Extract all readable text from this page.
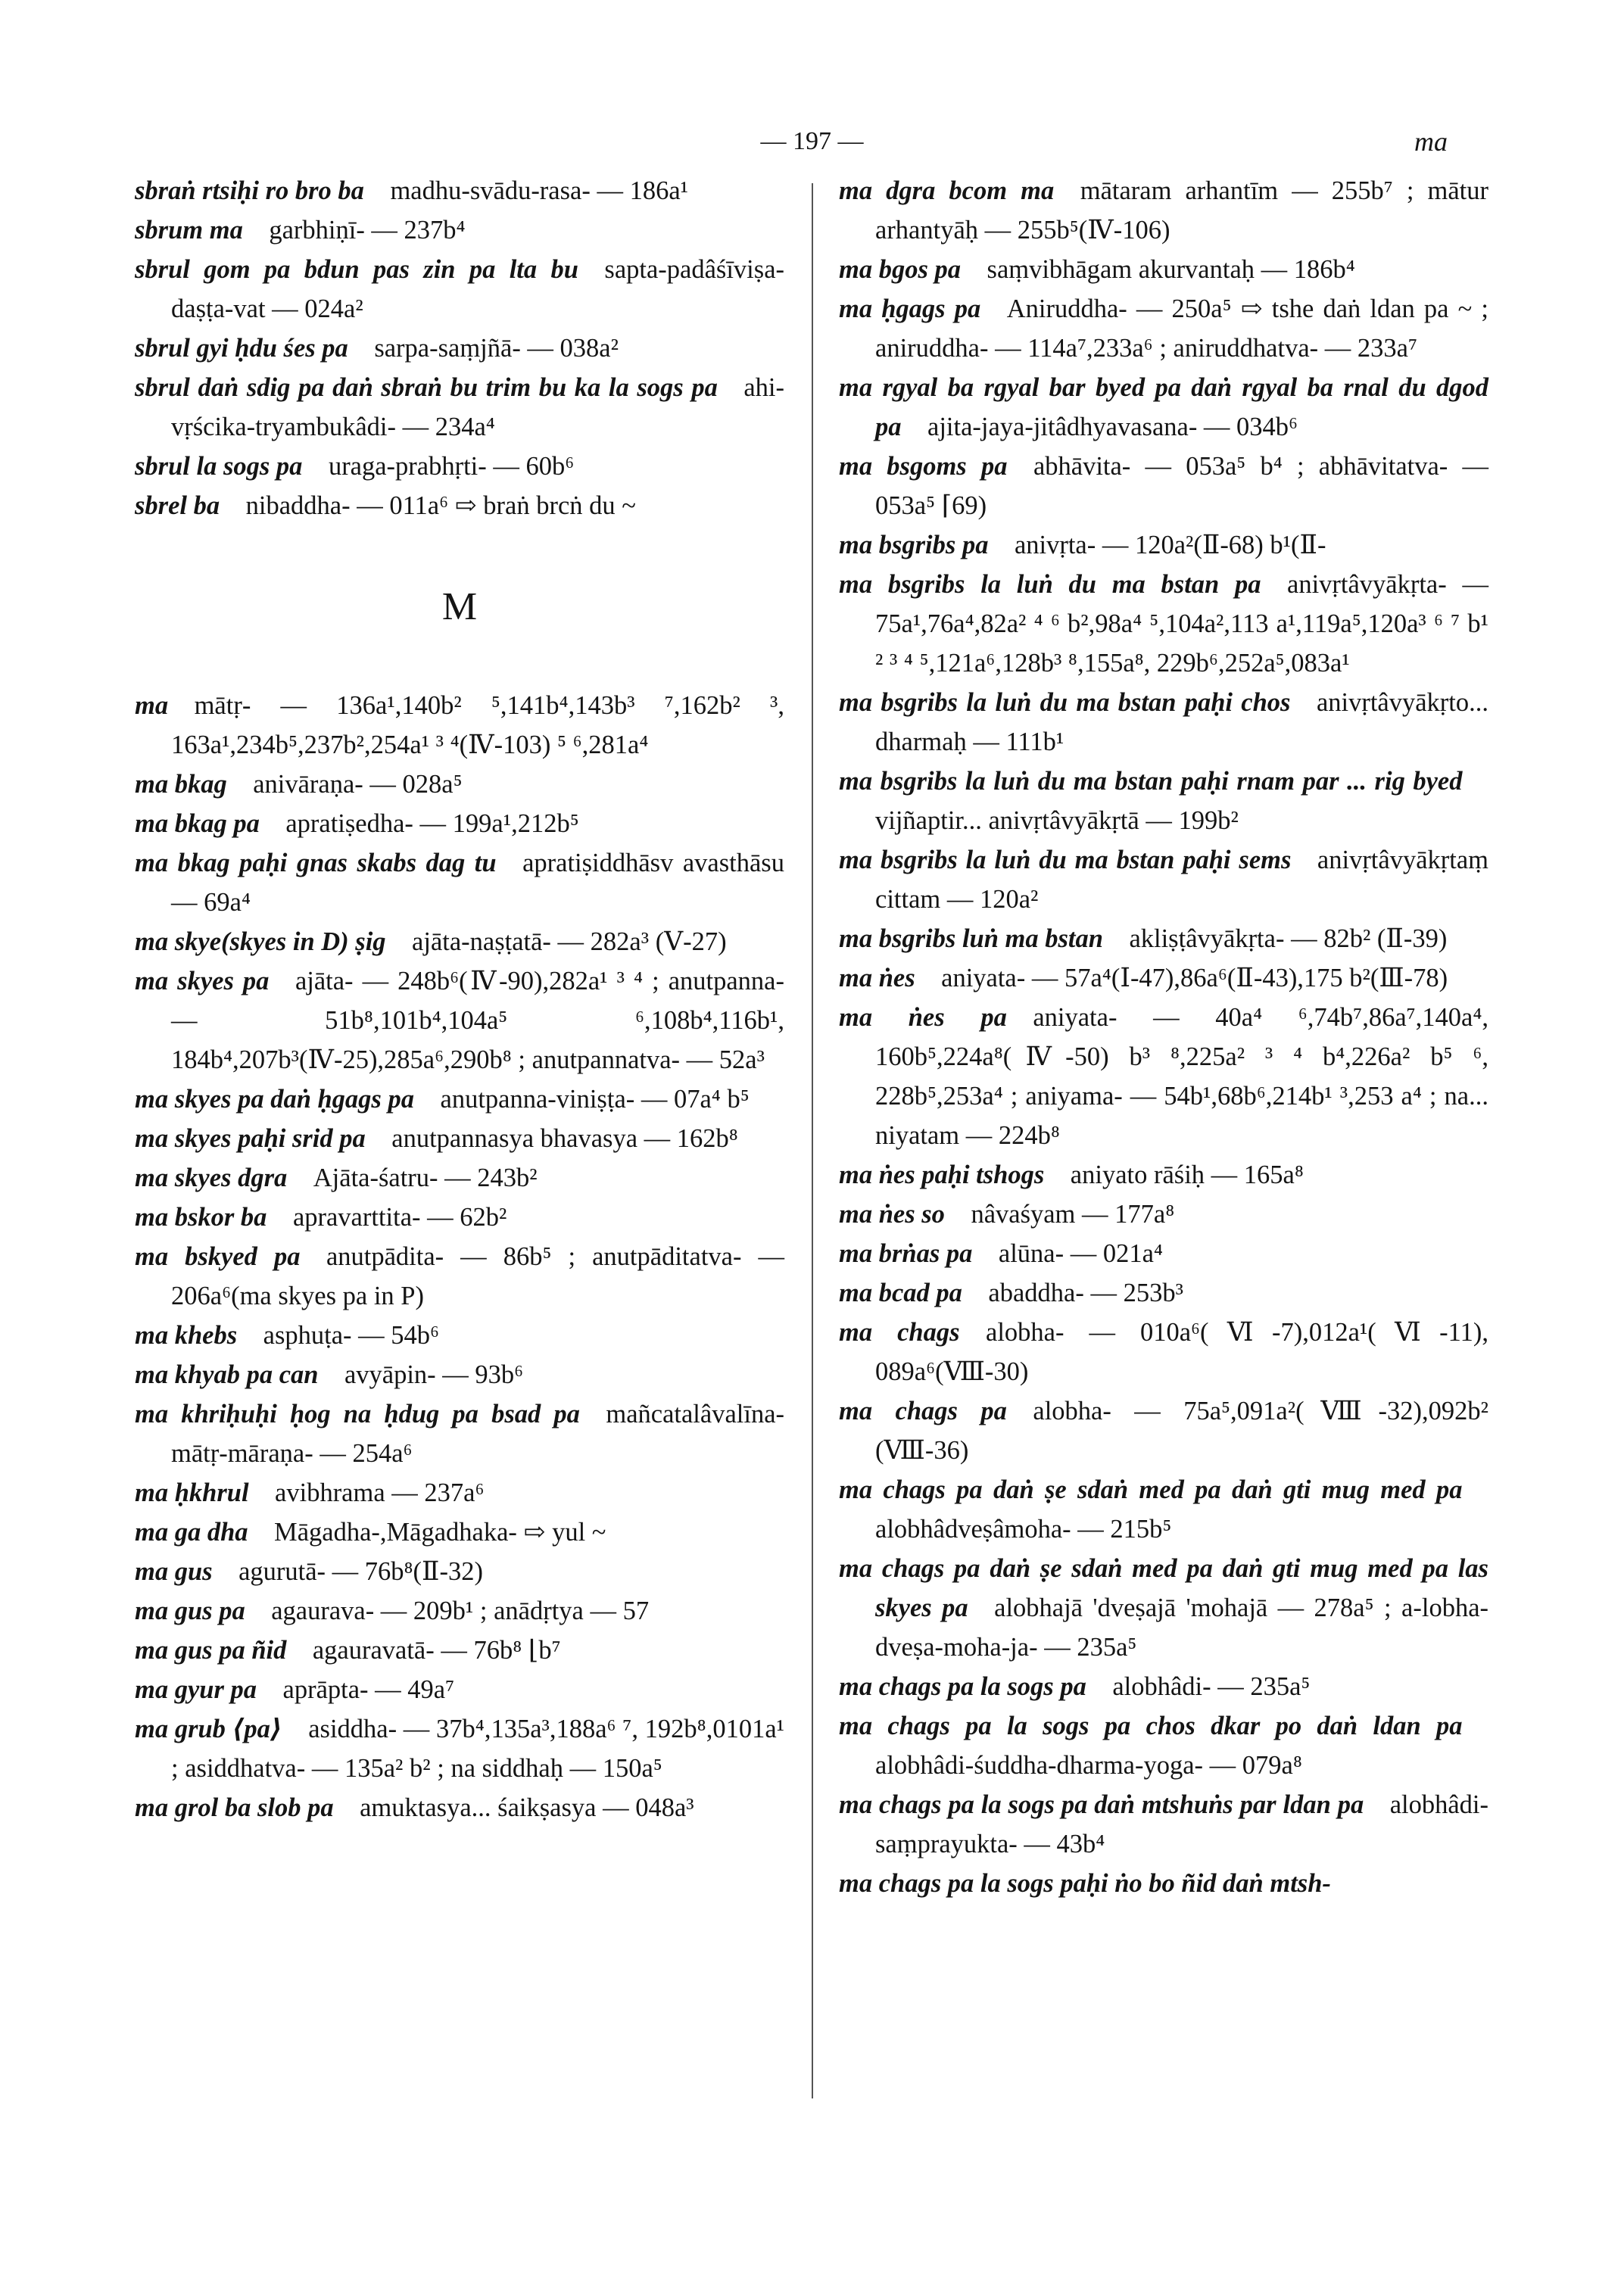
— 197 —	ma

sbraṅ rtsiḥi ro bro ba  madhu-svādu-rasa- — 186a¹

sbrum ma  garbhiṇī- — 237b⁴

sbrul gom pa bdun pas zin pa lta bu  sapta-padâśīviṣa-daṣṭa-vat — 024a²

sbrul gyi ḥdu śes pa  sarpa-saṃjñā- — 038a²

sbrul daṅ sdig pa daṅ sbraṅ bu trim bu ka la sogs pa  ahi-vṛścika-tryambukâdi- — 234a⁴

sbrul la sogs pa  uraga-prabhṛti- — 60b⁶

sbrel ba  nibaddha- — 011a⁶ ⇨ braṅ brcṅ du ~

M

ma  mātṛ- — 136a¹,140b² ⁵,141b⁴,143b³ ⁷,162b² ³, 163a¹,234b⁵,237b²,254a¹ ³ ⁴(Ⅳ-103) ⁵ ⁶,281a⁴

ma bkag  anivāraṇa- — 028a⁵

ma bkag pa  apratiṣedha- — 199a¹,212b⁵

ma bkag paḥi gnas skabs dag tu  apratiṣiddhāsv avasthāsu — 69a⁴

ma skye(skyes in D) ṣig  ajāta-naṣṭatā- — 282a³ (Ⅴ-27)

ma skyes pa  ajāta- — 248b⁶(Ⅳ-90),282a¹ ³ ⁴ ; anutpanna- — 51b⁸,101b⁴,104a⁵ ⁶,108b⁴,116b¹, 184b⁴,207b³(Ⅳ-25),285a⁶,290b⁸ ; anutpannatva- — 52a³

ma skyes pa daṅ ḥgags pa  anutpanna-viniṣṭa- — 07a⁴ b⁵

ma skyes paḥi srid pa  anutpannasya bhavasya — 162b⁸

ma skyes dgra  Ajāta-śatru- — 243b²

ma bskor ba  apravarttita- — 62b²

ma bskyed pa  anutpādita- — 86b⁵ ; anutpāditatva- — 206a⁶(ma skyes pa in P)

ma khebs  asphuṭa- — 54b⁶

ma khyab pa can  avyāpin- — 93b⁶

ma khriḥuḥi ḥog na ḥdug pa bsad pa  mañcatalâvalīna-mātṛ-māraṇa- — 254a⁶

ma ḥkhrul  avibhrama — 237a⁶

ma ga dha  Māgadha-,Māgadhaka- ⇨ yul ~

ma gus  agurutā- — 76b⁸(Ⅱ-32)

ma gus pa  agaurava- — 209b¹ ; anādṛtya — 57

ma gus pa ñid  agauravatā- — 76b⁸ ⌊b⁷

ma gyur pa  aprāpta- — 49a⁷

ma grub ⟨pa⟩  asiddha- — 37b⁴,135a³,188a⁶ ⁷, 192b⁸,0101a¹ ; asiddhatva- — 135a² b² ; na siddhaḥ — 150a⁵

ma grol ba slob pa  amuktasya... śaikṣasya — 048a³

ma dgra bcom ma  mātaram arhantīm — 255b⁷ ; mātur arhantyāḥ — 255b⁵(Ⅳ-106)

ma bgos pa  saṃvibhāgam akurvantaḥ — 186b⁴

ma ḥgags pa  Aniruddha- — 250a⁵ ⇨ tshe daṅ ldan pa ~ ; aniruddha- — 114a⁷,233a⁶ ; aniruddhatva- — 233a⁷

ma rgyal ba rgyal bar byed pa daṅ rgyal ba rnal du dgod pa  ajita-jaya-jitâdhyavasana- — 034b⁶

ma bsgoms pa  abhāvita- — 053a⁵ b⁴ ; abhāvitatva- — 053a⁵ ⌈69)

ma bsgribs pa  anivṛta- — 120a²(Ⅱ-68) b¹(Ⅱ-

ma bsgribs la luṅ du ma bstan pa  anivṛtâvyākṛta- — 75a¹,76a⁴,82a² ⁴ ⁶ b²,98a⁴ ⁵,104a²,113 a¹,119a⁵,120a³ ⁶ ⁷ b¹ ² ³ ⁴ ⁵,121a⁶,128b³ ⁸,155a⁸, 229b⁶,252a⁵,083a¹

ma bsgribs la luṅ du ma bstan paḥi chos  anivṛtâvyākṛto... dharmaḥ — 111b¹

ma bsgribs la luṅ du ma bstan paḥi rnam par ... rig byed vijñaptir... anivṛtâvyākṛtā — 199b²

ma bsgribs la luṅ du ma bstan paḥi sems  anivṛtâvyākṛtaṃ cittam — 120a²

ma bsgribs luṅ ma bstan  akliṣṭâvyākṛta- — 82b² (Ⅱ-39)

ma ṅes  aniyata- — 57a⁴(Ⅰ-47),86a⁶(Ⅱ-43),175 b²(Ⅲ-78)

ma ṅes pa  aniyata- — 40a⁴ ⁶,74b⁷,86a⁷,140a⁴, 160b⁵,224a⁸(Ⅳ-50) b³ ⁸,225a² ³ ⁴ b⁴,226a² b⁵ ⁶, 228b⁵,253a⁴ ; aniyama- — 54b¹,68b⁶,214b¹ ³,253 a⁴ ; na... niyatam — 224b⁸

ma ṅes paḥi tshogs  aniyato rāśiḥ — 165a⁸

ma ṅes so  nâvaśyam — 177a⁸

ma brṅas pa  alūna- — 021a⁴

ma bcad pa  abaddha- — 253b³

ma chags  alobha- — 010a⁶(Ⅵ-7),012a¹(Ⅵ-11), 089a⁶(Ⅷ-30)

ma chags pa  alobha- — 75a⁵,091a²(Ⅷ-32),092b² (Ⅷ-36)

ma chags pa daṅ ṣe sdaṅ med pa daṅ gti mug med pa alobhâdveṣâmoha- — 215b⁵

ma chags pa daṅ ṣe sdaṅ med pa daṅ gti mug med pa las skyes pa  alobhajā 'dveṣajā 'mohajā — 278a⁵ ; a-lobha-dveṣa-moha-ja- — 235a⁵

ma chags pa la sogs pa  alobhâdi- — 235a⁵

ma chags pa la sogs pa chos dkar po daṅ ldan pa alobhâdi-śuddha-dharma-yoga- — 079a⁸

ma chags pa la sogs pa daṅ mtshuṅs par ldan pa  alobhâdi-saṃprayukta- — 43b⁴

ma chags pa la sogs paḥi ṅo bo ñid daṅ mtsh- 
